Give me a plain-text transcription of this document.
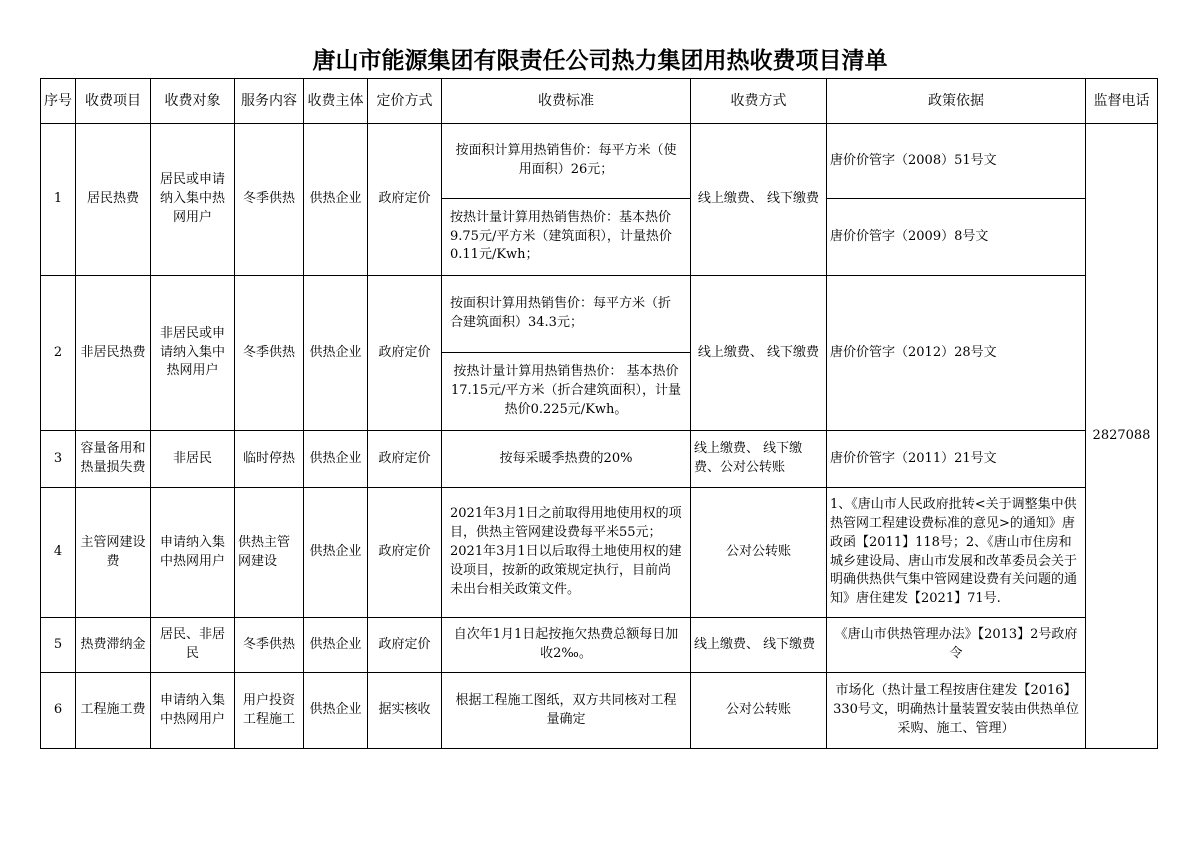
唐山市能源集团有限责任公司热力集团用热收费项目清单
序号	收费项目	收费对象	服务内容	收费主体	定价方式	收费标准	收费方式	政策依据	监督电话
1	居民热费	居民或申请纳入集中热网用户	冬季供热	供热企业	政府定价	按面积计算用热销售价：每平方米（使用面积）26元；	线上缴费、 线下缴费	唐价价管字（2008）51号文	2827088
						按热计量计算用热销售热价：基本热价9.75元/平方米（建筑面积），计量热价0.11元/Kwh；		唐价价管字（2009）8号文	
2	非居民热费	非居民或申请纳入集中热网用户	冬季供热	供热企业	政府定价	按面积计算用热销售价：每平方米（折合建筑面积）34.3元；	线上缴费、 线下缴费	唐价价管字（2012）28号文	
						按热计量计算用热销售热价： 基本热价17.15元/平方米（折合建筑面积），计量热价0.225元/Kwh。			
3	容量备用和热量损失费	非居民	临时停热	供热企业	政府定价	按每采暖季热费的20%	线上缴费、 线下缴费、公对公转账	唐价价管字（2011）21号文	
4	主管网建设费	申请纳入集中热网用户	供热主管网建设	供热企业	政府定价	2021年3月1日之前取得用地使用权的项目，供热主管网建设费每平米55元；2021年3月1日以后取得土地使用权的建设项目，按新的政策规定执行，目前尚未出台相关政策文件。	公对公转账	1、《唐山市人民政府批转<关于调整集中供热管网工程建设费标准的意见>的通知》唐政函【2011】118号；2、《唐山市住房和城乡建设局、唐山市发展和改革委员会关于明确供热供气集中管网建设费有关问题的通知》唐住建发【2021】71号.	
5	热费滞纳金	居民、非居民	冬季供热	供热企业	政府定价	自次年1月1日起按拖欠热费总额每日加收2‰。	线上缴费、 线下缴费	《唐山市供热管理办法》【2013】2号政府令	
6	工程施工费	申请纳入集中热网用户	用户投资工程施工	供热企业	据实核收	根据工程施工图纸，双方共同核对工程量确定	公对公转账	市场化（热计量工程按唐住建发【2016】330号文，明确热计量装置安装由供热单位采购、施工、管理）	
